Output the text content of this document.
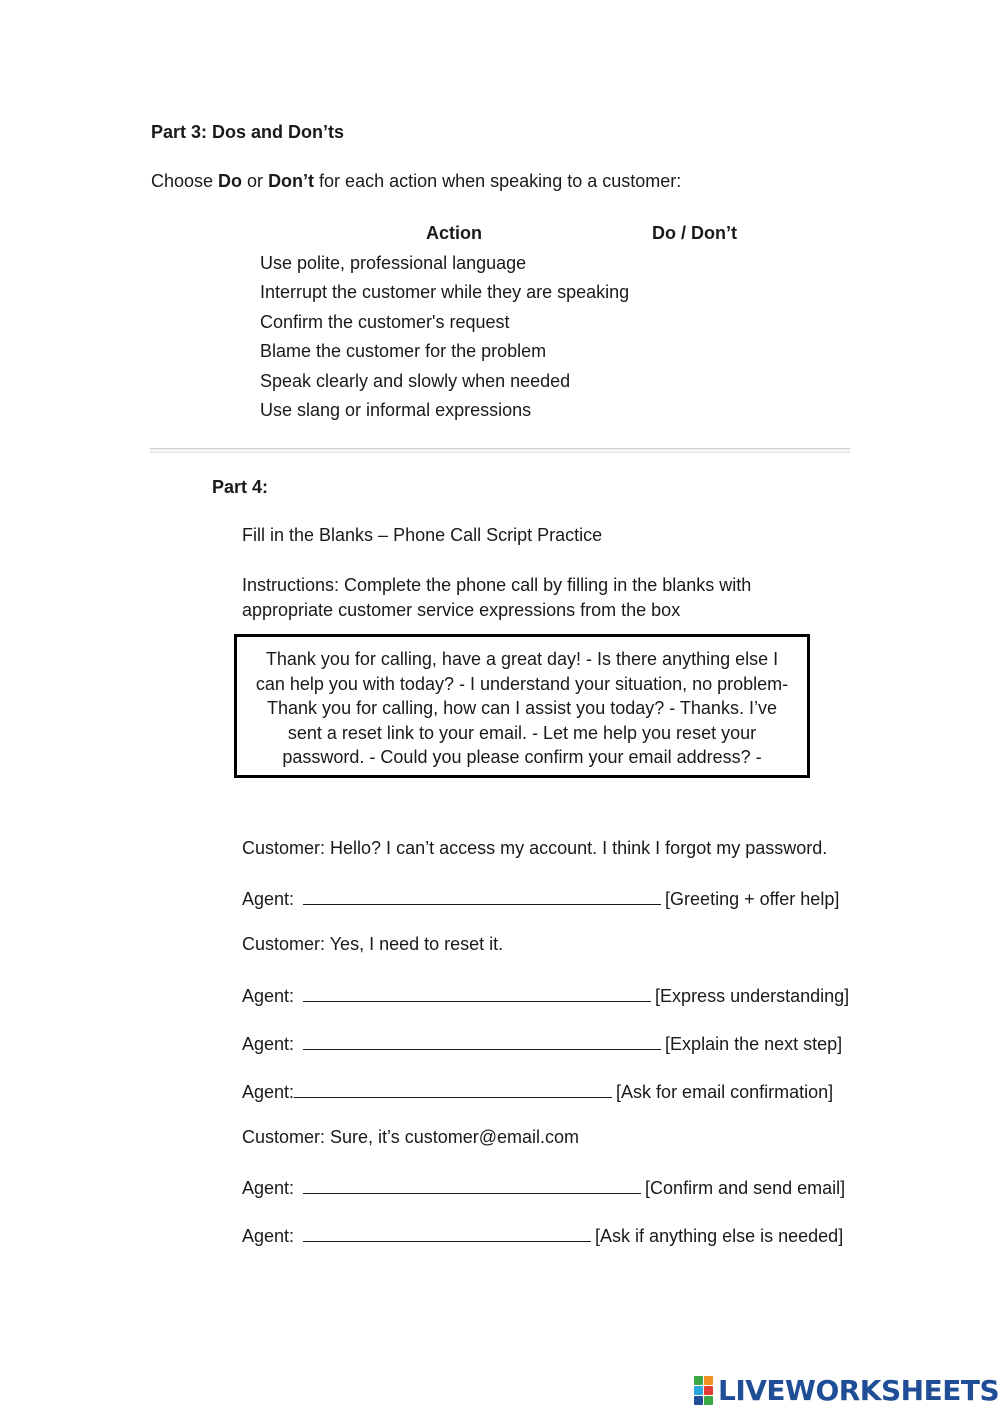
Part 3: Dos and Don’ts
Choose Do or Don’t for each action when speaking to a customer:
Action	Do / Don’t
Use polite, professional language
Interrupt the customer while they are speaking
Confirm the customer's request
Blame the customer for the problem
Speak clearly and slowly when needed
Use slang or informal expressions
Part 4:
Fill in the Blanks – Phone Call Script Practice
Instructions: Complete the phone call by filling in the blanks with appropriate customer service expressions from the box
Thank you for calling, have a great day! - Is there anything else I can help you with today? - I understand your situation, no problem- Thank you for calling, how can I assist you today? - Thanks. I’ve sent a reset link to your email. - Let me help you reset your password. - Could you please confirm your email address? -
Customer: Hello? I can’t access my account. I think I forgot my password.
Agent:	[Greeting + offer help]
Customer: Yes, I need to reset it.
Agent:	[Express understanding]
Agent:	[Explain the next step]
Agent:	[Ask for email confirmation]
Customer: Sure, it’s customer@email.com
Agent:	[Confirm and send email]
Agent:	[Ask if anything else is needed]
LIVEWORKSHEETS
